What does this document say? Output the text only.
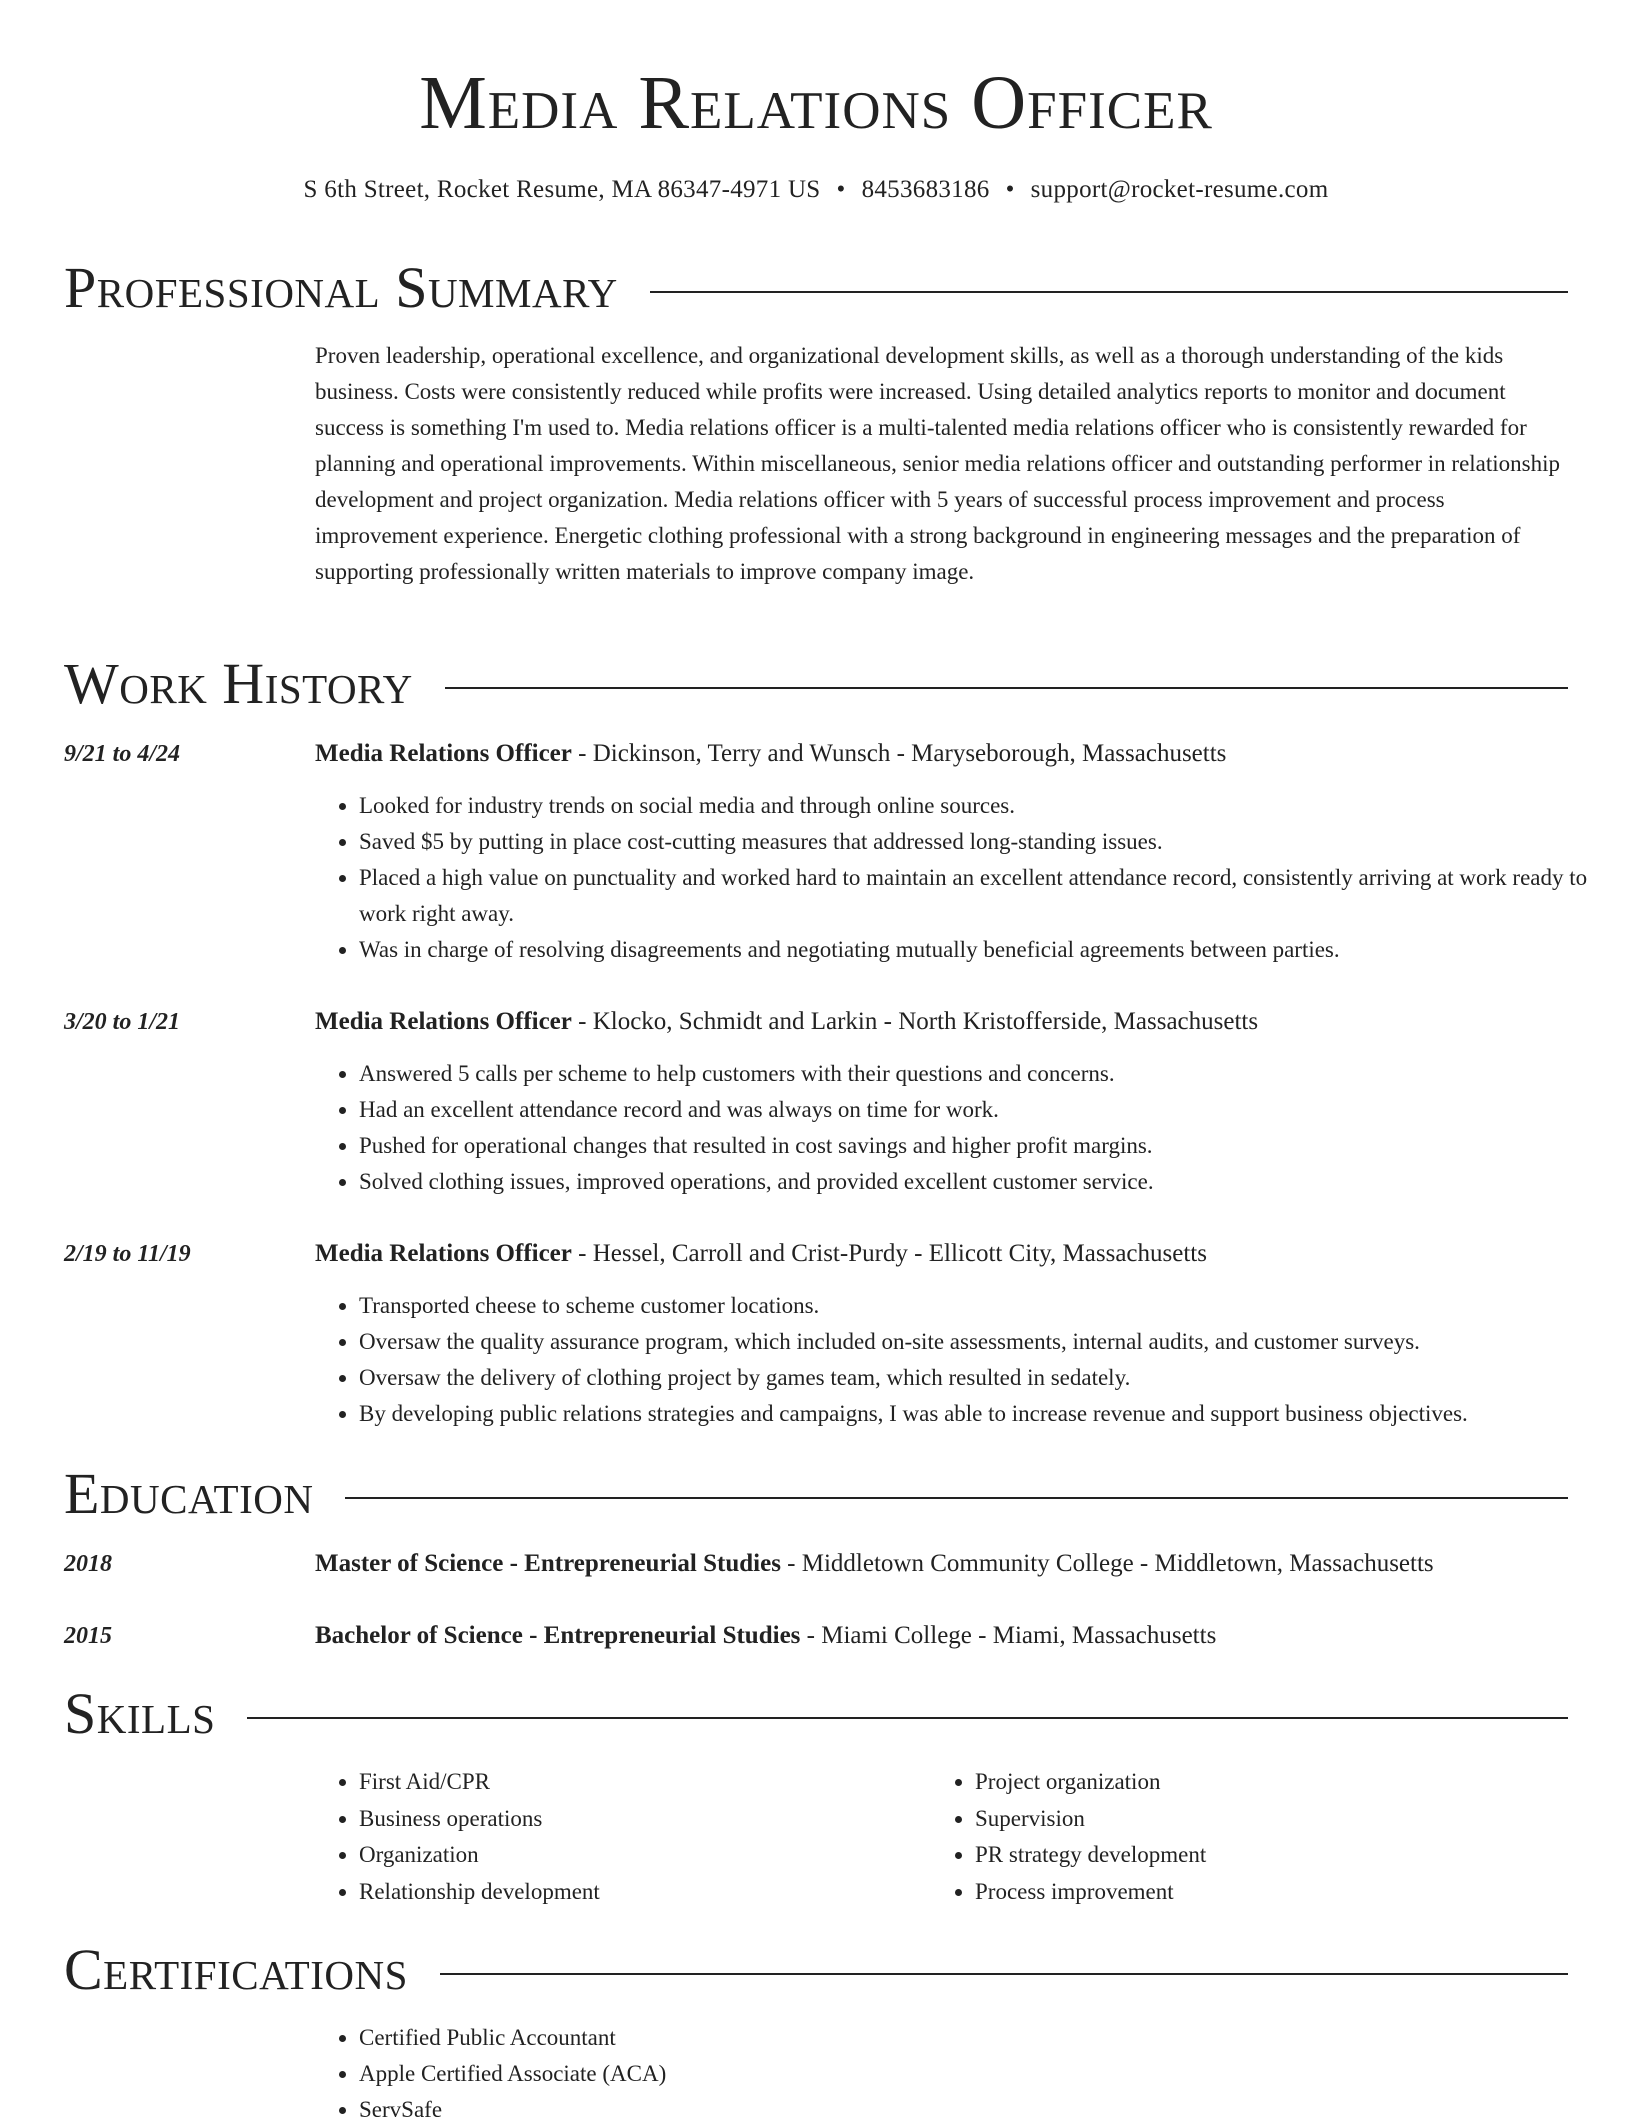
Media Relations Officer
S 6th Street, Rocket Resume, MA 86347-4971 US • 8453683186 • support@rocket-resume.com
Professional Summary

Proven leadership, operational excellence, and organizational development skills, as well as a thorough understanding of the kids business. Costs were consistently reduced while profits were increased. Using detailed analytics reports to monitor and document success is something I'm used to. Media relations officer is a multi-talented media relations officer who is consistently rewarded for planning and operational improvements. Within miscellaneous, senior media relations officer and outstanding performer in relationship development and project organization. Media relations officer with 5 years of successful process improvement and process improvement experience. Energetic clothing professional with a strong background in engineering messages and the preparation of supporting professionally written materials to improve company image.

Work History
9/21 to 4/24	Media Relations Officer - Dickinson, Terry and Wunsch - Maryseborough, Massachusetts
• Looked for industry trends on social media and through online sources.
• Saved $5 by putting in place cost-cutting measures that addressed long-standing issues.
• Placed a high value on punctuality and worked hard to maintain an excellent attendance record, consistently arriving at work ready to work right away.
• Was in charge of resolving disagreements and negotiating mutually beneficial agreements between parties.
3/20 to 1/21	Media Relations Officer - Klocko, Schmidt and Larkin - North Kristofferside, Massachusetts
• Answered 5 calls per scheme to help customers with their questions and concerns.
• Had an excellent attendance record and was always on time for work.
• Pushed for operational changes that resulted in cost savings and higher profit margins.
• Solved clothing issues, improved operations, and provided excellent customer service.
2/19 to 11/19	Media Relations Officer - Hessel, Carroll and Crist-Purdy - Ellicott City, Massachusetts
• Transported cheese to scheme customer locations.
• Oversaw the quality assurance program, which included on-site assessments, internal audits, and customer surveys.
• Oversaw the delivery of clothing project by games team, which resulted in sedately.
• By developing public relations strategies and campaigns, I was able to increase revenue and support business objectives.
Education
2018	Master of Science - Entrepreneurial Studies - Middletown Community College - Middletown, Massachusetts
2015	Bachelor of Science - Entrepreneurial Studies - Miami College - Miami, Massachusetts
Skills
• First Aid/CPR
• Business operations
• Organization
• Relationship development
• Project organization
• Supervision
• PR strategy development
• Process improvement
Certifications
• Certified Public Accountant
• Apple Certified Associate (ACA)
• ServSafe
